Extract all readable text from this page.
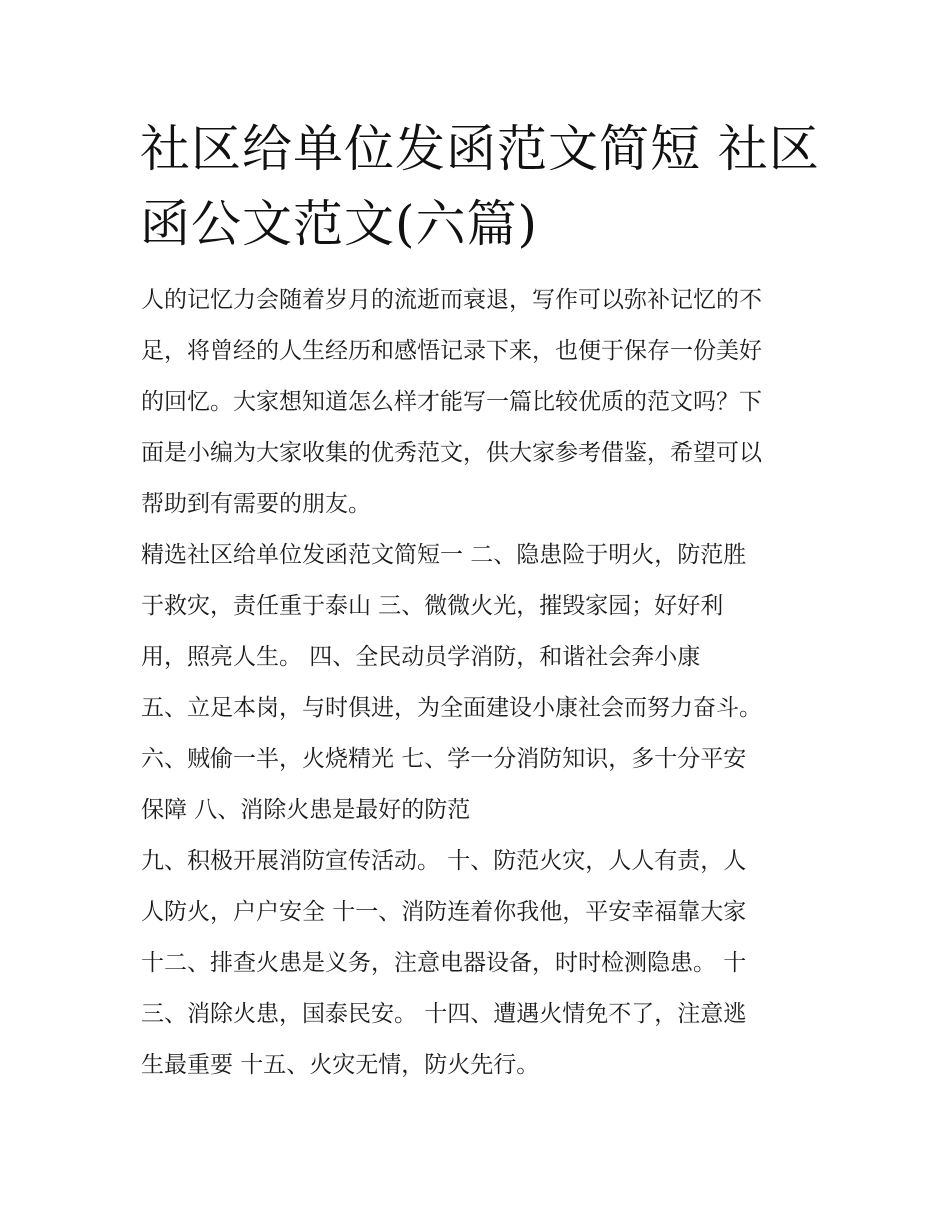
社区给单位发函范文简短 社区函公文范文(六篇)

人的记忆力会随着岁月的流逝而衰退，写作可以弥补记忆的不

足，将曾经的人生经历和感悟记录下来，也便于保存一份美好

的回忆。大家想知道怎么样才能写一篇比较优质的范文吗？下

面是小编为大家收集的优秀范文，供大家参考借鉴，希望可以

帮助到有需要的朋友。

精选社区给单位发函范文简短一 二、隐患险于明火，防范胜

于救灾，责任重于泰山 三、微微火光，摧毁家园；好好利

用，照亮人生。 四、全民动员学消防，和谐社会奔小康

五、立足本岗，与时俱进，为全面建设小康社会而努力奋斗。

六、贼偷一半，火烧精光 七、学一分消防知识，多十分平安

保障 八、消除火患是最好的防范

九、积极开展消防宣传活动。 十、防范火灾，人人有责，人

人防火，户户安全 十一、消防连着你我他，平安幸福靠大家

十二、排查火患是义务，注意电器设备，时时检测隐患。 十

三、消除火患，国泰民安。 十四、遭遇火情免不了，注意逃

生最重要 十五、火灾无情，防火先行。
